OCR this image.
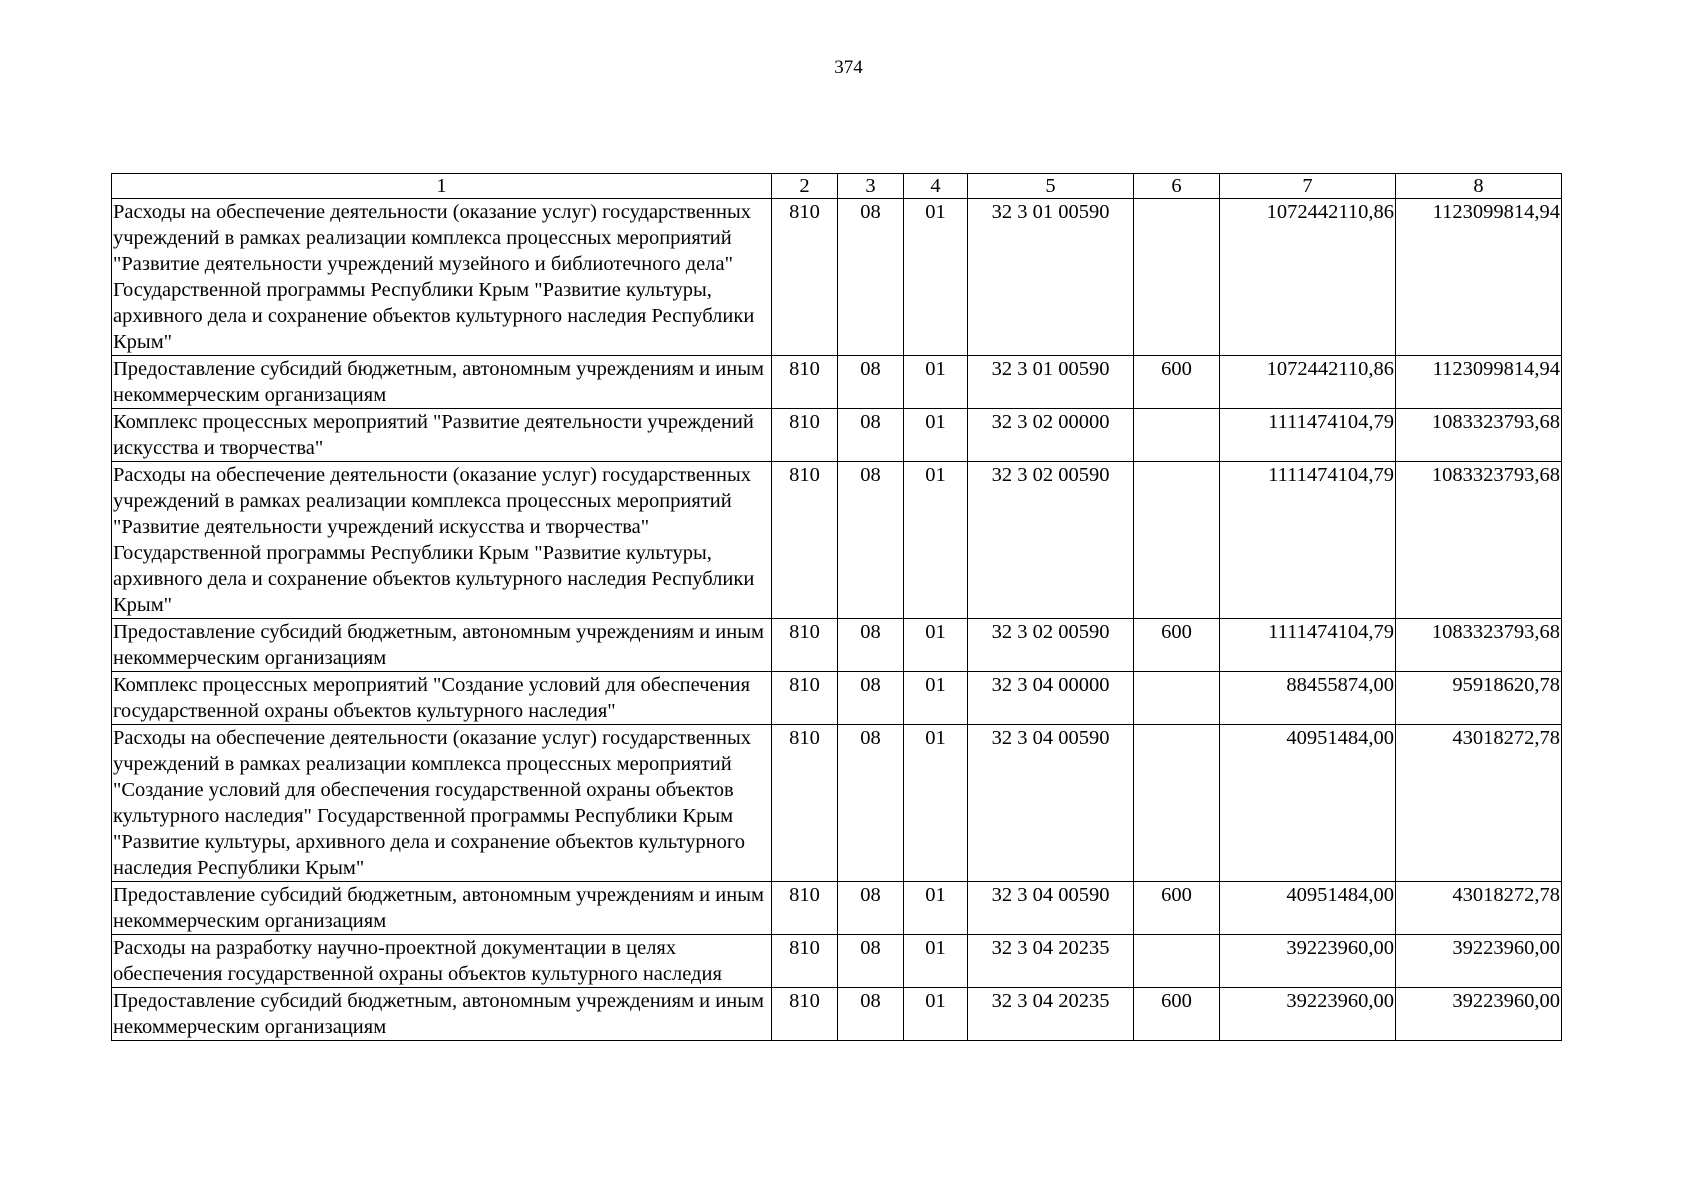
374
1	2	3	4	5	6	7	8
Расходы на обеспечение деятельности (оказание услуг) государственных учреждений в рамках реализации комплекса процессных мероприятий "Развитие деятельности учреждений музейного и библиотечного дела" Государственной программы Республики Крым "Развитие культуры, архивного дела и сохранение объектов культурного наследия Республики Крым"	810	08	01	32 3 01 00590		1072442110,86	1123099814,94
Предоставление субсидий бюджетным, автономным учреждениям и иным некоммерческим организациям	810	08	01	32 3 01 00590	600	1072442110,86	1123099814,94
Комплекс процессных мероприятий "Развитие деятельности учреждений искусства и творчества"	810	08	01	32 3 02 00000		1111474104,79	1083323793,68
Расходы на обеспечение деятельности (оказание услуг) государственных учреждений в рамках реализации комплекса процессных мероприятий "Развитие деятельности учреждений искусства и творчества" Государственной программы Республики Крым "Развитие культуры, архивного дела и сохранение объектов культурного наследия Республики Крым"	810	08	01	32 3 02 00590		1111474104,79	1083323793,68
Предоставление субсидий бюджетным, автономным учреждениям и иным некоммерческим организациям	810	08	01	32 3 02 00590	600	1111474104,79	1083323793,68
Комплекс процессных мероприятий "Создание условий для обеспечения государственной охраны объектов культурного наследия"	810	08	01	32 3 04 00000		88455874,00	95918620,78
Расходы на обеспечение деятельности (оказание услуг) государственных учреждений в рамках реализации комплекса процессных мероприятий "Создание условий для обеспечения государственной охраны объектов культурного наследия" Государственной программы Республики Крым "Развитие культуры, архивного дела и сохранение объектов культурного наследия Республики Крым"	810	08	01	32 3 04 00590		40951484,00	43018272,78
Предоставление субсидий бюджетным, автономным учреждениям и иным некоммерческим организациям	810	08	01	32 3 04 00590	600	40951484,00	43018272,78
Расходы на разработку научно-проектной документации в целях обеспечения государственной охраны объектов культурного наследия	810	08	01	32 3 04 20235		39223960,00	39223960,00
Предоставление субсидий бюджетным, автономным учреждениям и иным некоммерческим организациям	810	08	01	32 3 04 20235	600	39223960,00	39223960,00
